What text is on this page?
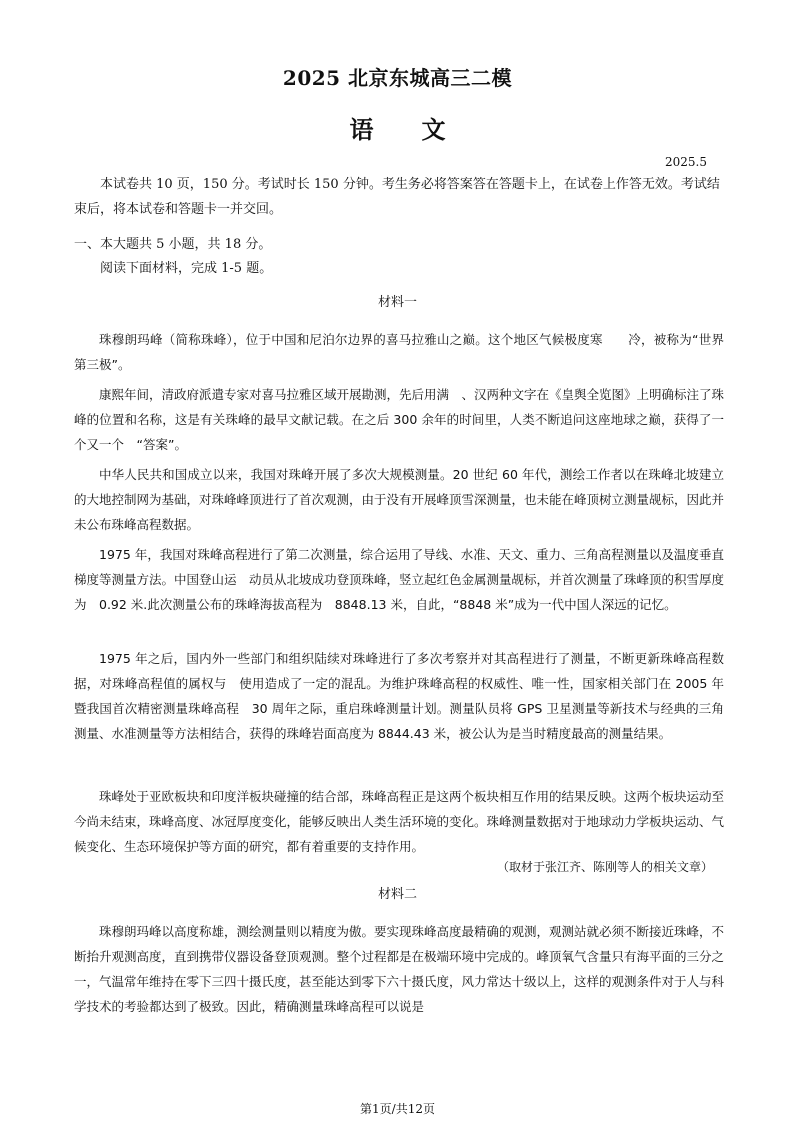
2025 北京东城高三二模
语　　文
2025.5

本试卷共 10 页，150 分。考试时长 150 分钟。考生务必将答案答在答题卡上，在试卷上作答无效。考试结束后，将本试卷和答题卡一并交回。

一、本大题共 5 小题，共 18 分。
阅读下面材料，完成 1-5 题。
材料一

珠穆朗玛峰（简称珠峰），位于中国和尼泊尔边界的喜马拉雅山之巅。这个地区气候极度寒　　冷，被称为“世界第三极”。

康熙年间，清政府派遣专家对喜马拉雅区域开展勘测，先后用满　、汉两种文字在《皇舆全览图》上明确标注了珠峰的位置和名称，这是有关珠峰的最早文献记载。在之后 300 余年的时间里，人类不断追问这座地球之巅，获得了一个又一个　“答案”。

中华人民共和国成立以来，我国对珠峰开展了多次大规模测量。20 世纪 60 年代，测绘工作者以在珠峰北坡建立的大地控制网为基础，对珠峰峰顶进行了首次观测，由于没有开展峰顶雪深测量，也未能在峰顶树立测量觇标，因此并未公布珠峰高程数据。

1975 年，我国对珠峰高程进行了第二次测量，综合运用了导线、水准、天文、重力、三角高程测量以及温度垂直梯度等测量方法。中国登山运　动员从北坡成功登顶珠峰，竖立起红色金属测量觇标，并首次测量了珠峰顶的积雪厚度为　0.92 米.此次测量公布的珠峰海拔高程为　8848.13 米，自此，“8848 米”成为一代中国人深远的记忆。

1975 年之后，国内外一些部门和组织陆续对珠峰进行了多次考察并对其高程进行了测量，不断更新珠峰高程数据，对珠峰高程值的属权与　使用造成了一定的混乱。为维护珠峰高程的权威性、唯一性，国家相关部门在 2005 年暨我国首次精密测量珠峰高程　30 周年之际，重启珠峰测量计划。测量队员将 GPS 卫星测量等新技术与经典的三角测量、水准测量等方法相结合，获得的珠峰岩面高度为 8844.43 米，被公认为是当时精度最高的测量结果。

珠峰处于亚欧板块和印度洋板块碰撞的结合部，珠峰高程正是这两个板块相互作用的结果反映。这两个板块运动至今尚未结束，珠峰高度、冰冠厚度变化，能够反映出人类生活环境的变化。珠峰测量数据对于地球动力学板块运动、气候变化、生态环境保护等方面的研究，都有着重要的支持作用。

（取材于张江齐、陈刚等人的相关文章）
材料二

珠穆朗玛峰以高度称雄，测绘测量则以精度为傲。要实现珠峰高度最精确的观测，观测站就必须不断接近珠峰，不断抬升观测高度，直到携带仪器设备登顶观测。整个过程都是在极端环境中完成的。峰顶氧气含量只有海平面的三分之一，气温常年维持在零下三四十摄氏度，甚至能达到零下六十摄氏度，风力常达十级以上，这样的观测条件对于人与科学技术的考验都达到了极致。因此，精确测量珠峰高程可以说是

第1页/共12页
